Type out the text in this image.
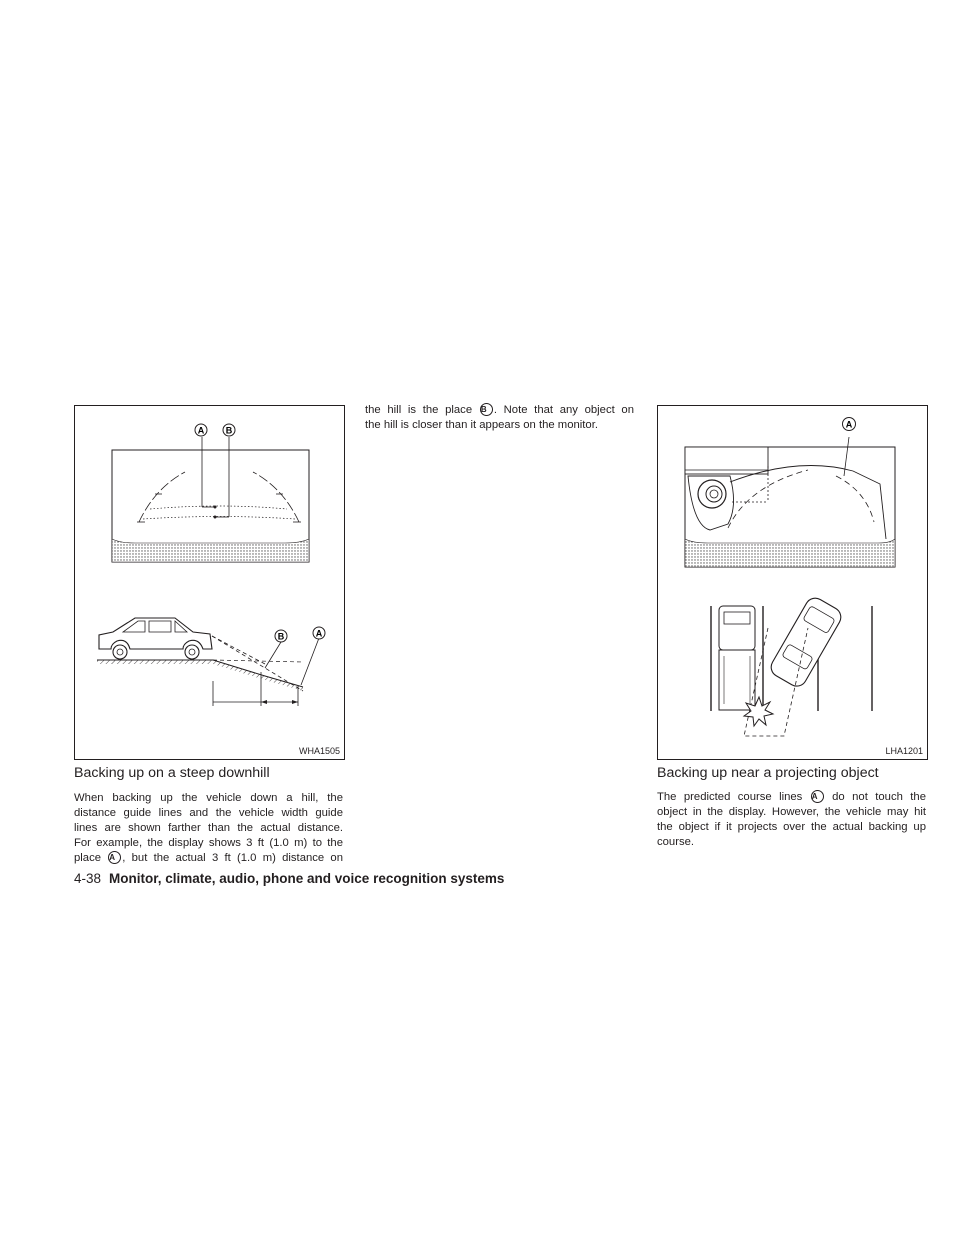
A B
B	A
WHA1505
A
LHA1201
Backing up on a steep downhill
When backing up the vehicle down a hill, the
distance guide lines and the vehicle width guide
lines are shown farther than the actual distance.
For example, the display shows 3 ft (1.0 m) to the
place A , but the actual 3 ft (1.0 m) distance on
the hill is the place B . Note that any object on
the hill is closer than it appears on the monitor.
Backing up near a projecting object
The predicted course lines A do not touch the
object in the display. However, the vehicle may hit
the object if it projects over the actual backing up
course.
4-38 Monitor, climate, audio, phone and voice recognition systems
